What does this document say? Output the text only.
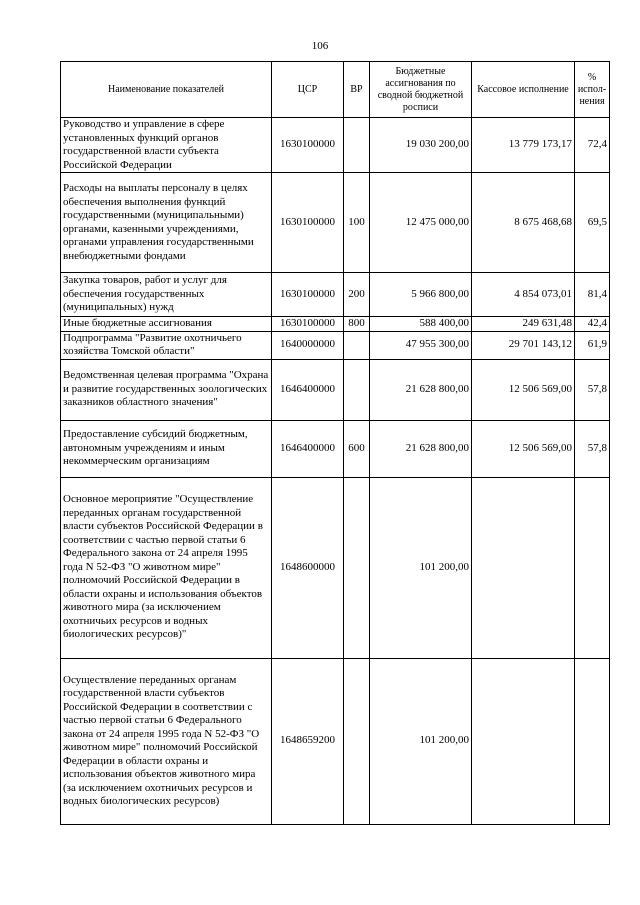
106
Наименование показателей	ЦСР	ВР	Бюджетные ассигнования по сводной бюджетной росписи	Кассовое исполнение	% испол-нения
Руководство и управление в сфере установленных функций органов государственной власти субъекта Российской Федерации	1630100000		19 030 200,00	13 779 173,17	72,4
Расходы на выплаты персоналу в целях обеспечения выполнения функций государственными (муниципальными) органами, казенными учреждениями, органами управления государственными внебюджетными фондами	1630100000	100	12 475 000,00	8 675 468,68	69,5
Закупка товаров, работ и услуг для обеспечения государственных (муниципальных) нужд	1630100000	200	5 966 800,00	4 854 073,01	81,4
Иные бюджетные ассигнования	1630100000	800	588 400,00	249 631,48	42,4
Подпрограмма "Развитие охотничьего хозяйства Томской области"	1640000000		47 955 300,00	29 701 143,12	61,9
Ведомственная целевая программа "Охрана и развитие государственных зоологических заказников областного значения"	1646400000		21 628 800,00	12 506 569,00	57,8
Предоставление субсидий бюджетным, автономным учреждениям и иным некоммерческим организациям	1646400000	600	21 628 800,00	12 506 569,00	57,8
Основное мероприятие "Осуществление переданных органам государственной власти субъектов Российской Федерации в соответствии с частью первой статьи 6 Федерального закона от 24 апреля 1995 года N 52-ФЗ "О животном мире" полномочий Российской Федерации в области охраны и использования объектов животного мира (за исключением охотничьих ресурсов и водных биологических ресурсов)"	1648600000		101 200,00		
Осуществление переданных органам государственной власти субъектов Российской Федерации в соответствии с частью первой статьи 6 Федерального закона от 24 апреля 1995 года N 52-ФЗ "О животном мире" полномочий Российской Федерации в области охраны и использования объектов животного мира (за исключением охотничьих ресурсов и водных биологических ресурсов)	1648659200		101 200,00		
